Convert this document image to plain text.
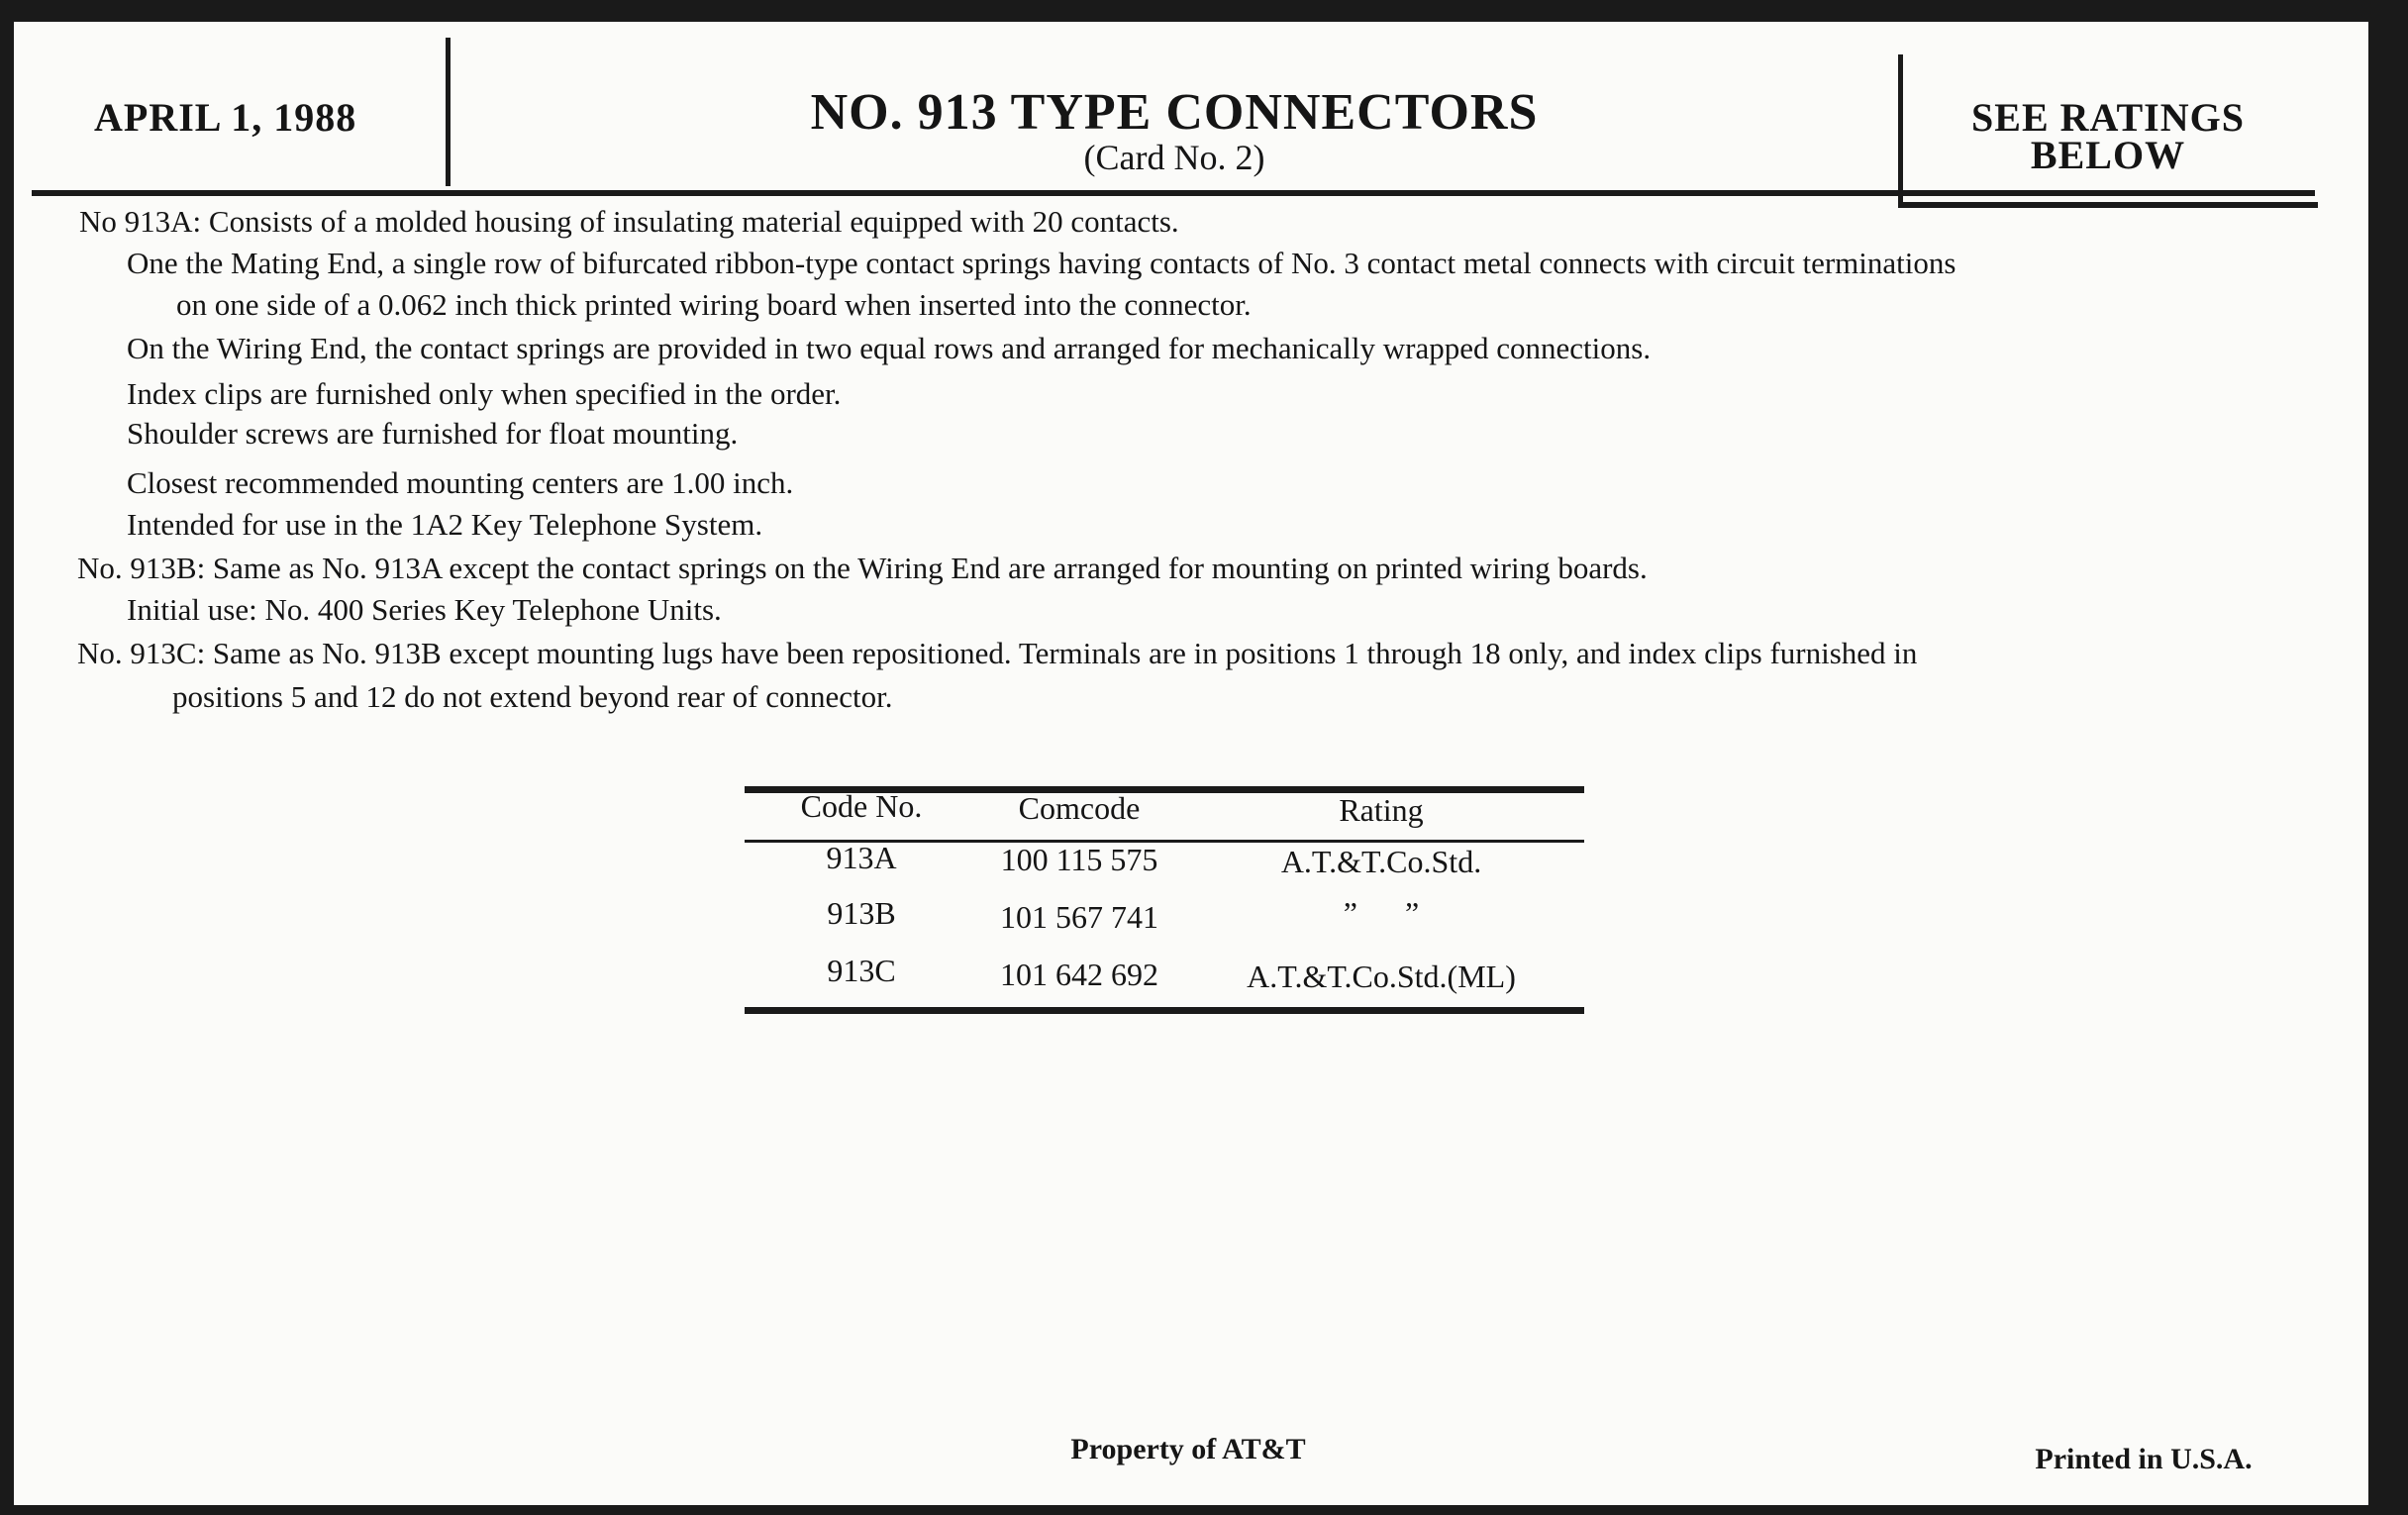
APRIL 1, 1988	NO. 913 TYPE CONNECTORS
(Card No. 2)
SEE RATINGS
BELOW
No 913A: Consists of a molded housing of insulating material equipped with 20 contacts.
One the Mating End, a single row of bifurcated ribbon-type contact springs having contacts of No. 3 contact metal connects with circuit terminations
on one side of a 0.062 inch thick printed wiring board when inserted into the connector.
On the Wiring End, the contact springs are provided in two equal rows and arranged for mechanically wrapped connections.
Index clips are furnished only when specified in the order.
Shoulder screws are furnished for float mounting.
Closest recommended mounting centers are 1.00 inch.
Intended for use in the 1A2 Key Telephone System.
No. 913B: Same as No. 913A except the contact springs on the Wiring End are arranged for mounting on printed wiring boards.
Initial use: No. 400 Series Key Telephone Units.
No. 913C: Same as No. 913B except mounting lugs have been repositioned. Terminals are in positions 1 through 18 only, and index clips furnished in
positions 5 and 12 do not extend beyond rear of connector.
Code No.	Comcode	Rating
913A	100 115 575	A.T.&T.Co.Std.
913B	101 567 741	”      ”
913C	101 642 692	A.T.&T.Co.Std.(ML)
Property of AT&T	Printed in U.S.A.
